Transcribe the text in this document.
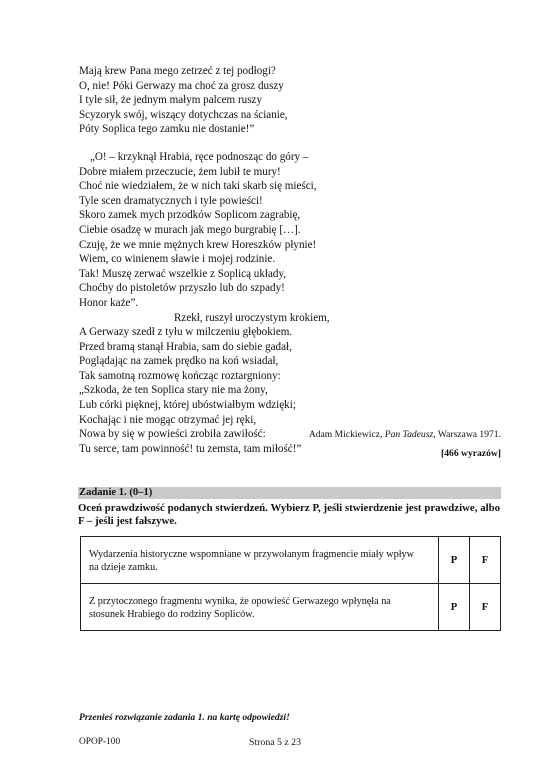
Mają krew Pana mego zetrzeć z tej podłogi?
O, nie! Póki Gerwazy ma choć za grosz duszy
I tyle sił, że jednym małym palcem ruszy
Scyzoryk swój, wiszący dotychczas na ścianie,
Póty Soplica tego zamku nie dostanie!”
„O! – krzyknął Hrabia, ręce podnosząc do góry –
Dobre miałem przeczucie, żem lubił te mury!
Choć nie wiedziałem, że w nich taki skarb się mieści,
Tyle scen dramatycznych i tyle powieści!
Skoro zamek mych przodków Soplicom zagrabię,
Ciebie osadzę w murach jak mego burgrabię […].
Czuję, że we mnie mężnych krew Horeszków płynie!
Wiem, co winienem sławie i mojej rodzinie.
Tak! Muszę zerwać wszelkie z Soplicą układy,
Choćby do pistoletów przyszło lub do szpady!
Honor każe”.
Rzekł, ruszył uroczystym krokiem,
A Gerwazy szedł z tyłu w milczeniu głębokiem.
Przed bramą stanął Hrabia, sam do siebie gadał,
Poglądając na zamek prędko na koń wsiadał,
Tak samotną rozmowę kończąc roztargniony:
„Szkoda, że ten Soplica stary nie ma żony,
Lub córki pięknej, której ubóstwiałbym wdzięki;
Kochając i nie mogąc otrzymać jej ręki,
Nowa by się w powieści zrobiła zawiłość:
Tu serce, tam powinność! tu zemsta, tam miłość!”
Adam Mickiewicz, Pan Tadeusz, Warszawa 1971.
[466 wyrazów]
Zadanie 1. (0–1)
Oceń prawdziwość podanych stwierdzeń. Wybierz P, jeśli stwierdzenie jest prawdziwe, albo F – jeśli jest fałszywe.
Wydarzenia historyczne wspomniane w przywołanym fragmencie miały wpływ na dzieje zamku.	P	F
Z przytoczonego fragmentu wynika, że opowieść Gerwazego wpłynęła na stosunek Hrabiego do rodziny Sopliców.	P	F
Przenieś rozwiązanie zadania 1. na kartę odpowiedzi!
OPOP-100	Strona 5 z 23
